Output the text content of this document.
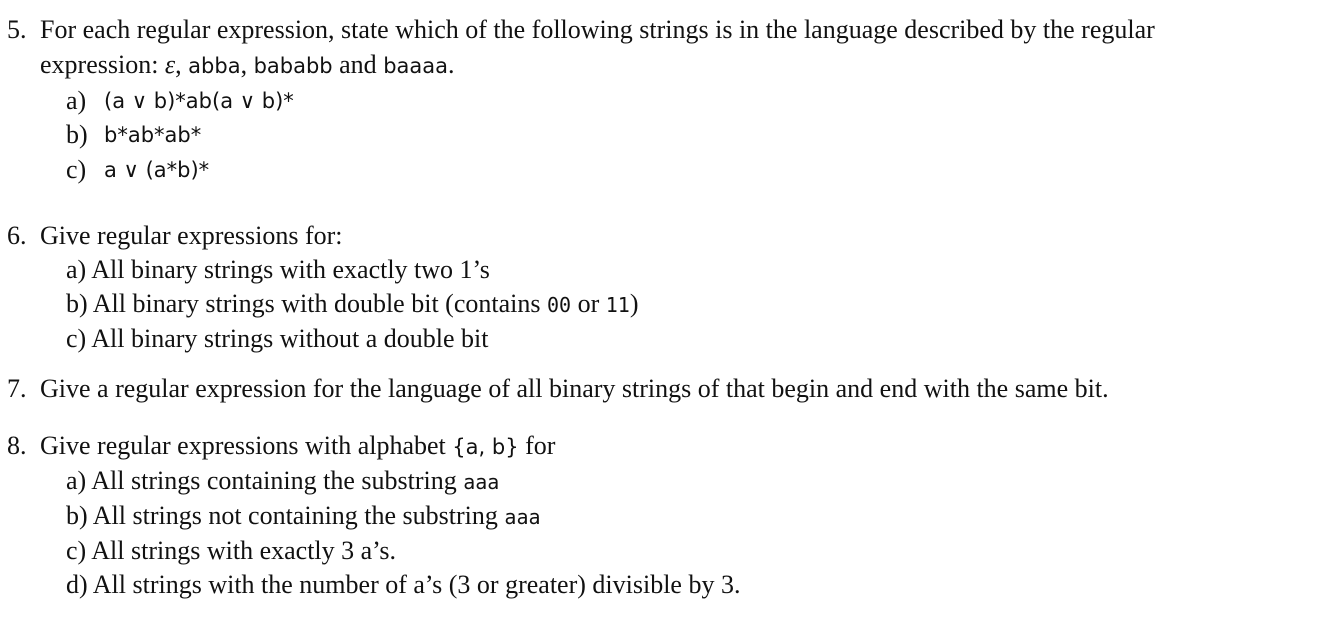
5. For each regular expression, state which of the following strings is in the language described by the regular
expression: ε, abba, bababb and baaaa.
a) (a ∨ b)*ab(a ∨ b)*
b) b*ab*ab*
c) a ∨ (a*b)*
6. Give regular expressions for:
a) All binary strings with exactly two 1’s
b) All binary strings with double bit (contains 00 or 11)
c) All binary strings without a double bit
7. Give a regular expression for the language of all binary strings of that begin and end with the same bit.
8. Give regular expressions with alphabet {a, b} for
a) All strings containing the substring aaa
b) All strings not containing the substring aaa
c) All strings with exactly 3 a’s.
d) All strings with the number of a’s (3 or greater) divisible by 3.
